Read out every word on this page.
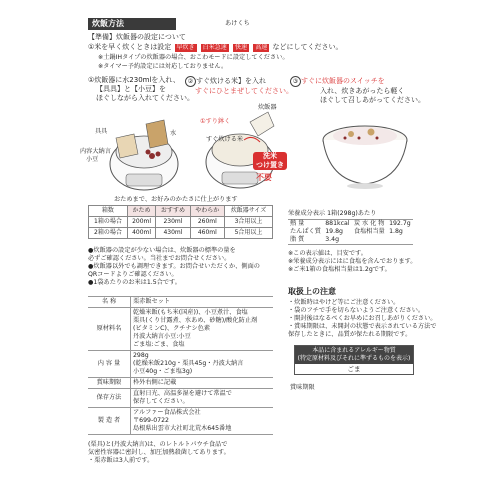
炊飯方法	あけくち
【準備】炊飯器の設定について
①米を早く炊くときは設定 早炊き 白米急速 快速 高速 などにしてください。
※土鍋IHタイプの炊飯器の場合、おこわモードに設定してください。
※タイマー予約設定には対応しておりません。
①炊飯器に水230mlを入れ、
【具具】と【小豆】を
ほぐしながら入れてください。
② すぐ炊ける米】を入れ
すぐにひとまぜしてください。
③ すぐに炊飯器のスイッチを
入れ、炊きあがったら軽く
ほぐして召しあがってください。
具具
内容大納言
小豆
水
炊飯器
①すり鉢く
すぐ炊ける米
洗米
つけ置き
不要
おためまで、お好みのかたさに仕上がります
箱数	かため	おすすめ	やわらか	炊飯器サイズ
1箱の場合	200ml	230ml	260ml	3合用以上
2箱の場合	400ml	430ml	460ml	5合用以上
●炊飯器の設定が少ない場合は、炊飯器の標準の量を
必ずご確認ください。当社までお問合せください。
●炊飯器以外でも調理できます。お問合せいただくか、側面の
QRコードよりご確認ください。
●1袋あたりのお米は1.5合です。
栄養成分表示 1箱(298g)あたり
熱 量	881kcal	炭 水 化 物	192.7g
たんぱく質	19.8g	食塩相当量	1.8g
脂 質	3.4g		
※この表示値は、目安です。
※栄養成分表示にはに食塩を含んでおります。
※ご米1箱の食塩相当量は1.2gです。
名 称	栗赤飯セット
原材料名	乾燥米飯(もち米(国産))、小豆煮汁、食塩
栗具(くり甘露煮、水あめ、砂糖)/酸化防止剤
(ビタミンC)、クチナシ色素
丹波大納言小豆:小豆
ごま塩:ごま、食塩

内 容 量	298g
(乾燥米飯210g・栗具45g・丹波大納言
小豆40g・ごま塩3g)

賞味期限	枠外右側に記載
保存方法	直射日光、高温多湿を避けて常温で
保存してください。

製 造 者	アルファー食品株式会社
〒699-0722
島根県出雲市大社町北荒木645番地
(栗具)と(丹波大納言)は、のレトルトパウチ食品で
気密性容器に密封し、加圧加熱殺菌してあります。
・栗赤飯は3人前です。
取扱上の注意
・炊飯時はやけど等にご注意ください。
・袋のフチで手を切らないようご注意ください。
・開封後はなるべくお早めにお召しあがりください。
・賞味期限は、未開封の状態で表示されている方法で
保存したときに、品質が保たれる期限です。
本品に含まれるアレルギー物質
(特定原材料及びそれに準ずるものを表示)
ごま
賞味期限
